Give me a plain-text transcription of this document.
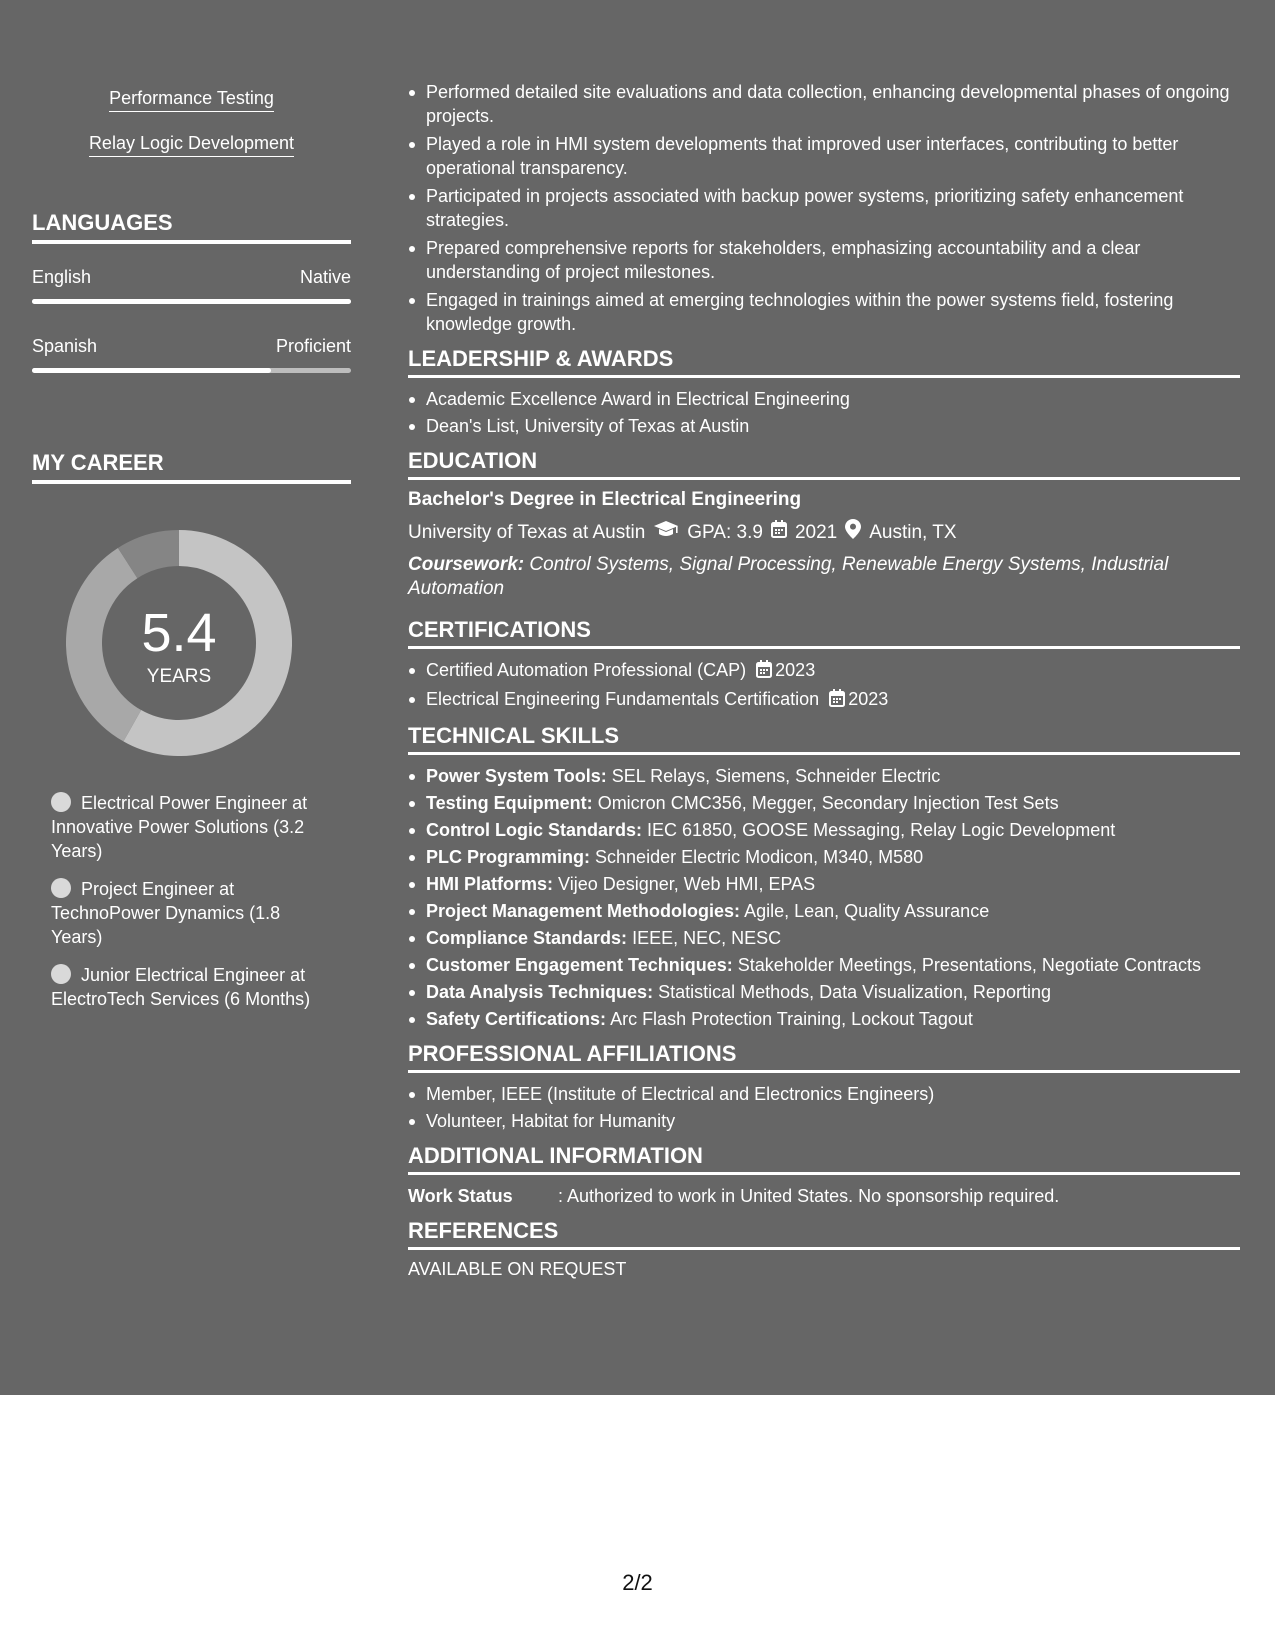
Performance Testing
Relay Logic Development
LANGUAGES
English	Native
Spanish	Proficient
MY CAREER
5.4
YEARS
Electrical Power Engineer at Innovative Power Solutions (3.2 Years)
Project Engineer at TechnoPower Dynamics (1.8 Years)
Junior Electrical Engineer at ElectroTech Services (6 Months)
Performed detailed site evaluations and data collection, enhancing developmental phases of ongoing projects.
Played a role in HMI system developments that improved user interfaces, contributing to better operational transparency.
Participated in projects associated with backup power systems, prioritizing safety enhancement strategies.
Prepared comprehensive reports for stakeholders, emphasizing accountability and a clear understanding of project milestones.
Engaged in trainings aimed at emerging technologies within the power systems field, fostering knowledge growth.
LEADERSHIP & AWARDS
Academic Excellence Award in Electrical Engineering
Dean's List, University of Texas at Austin
EDUCATION
Bachelor's Degree in Electrical Engineering
University of Texas at Austin GPA: 3.9 2021 Austin, TX
Coursework: Control Systems, Signal Processing, Renewable Energy Systems, Industrial Automation
CERTIFICATIONS
Certified Automation Professional (CAP) 2023
Electrical Engineering Fundamentals Certification 2023
TECHNICAL SKILLS
Power System Tools: SEL Relays, Siemens, Schneider Electric
Testing Equipment: Omicron CMC356, Megger, Secondary Injection Test Sets
Control Logic Standards: IEC 61850, GOOSE Messaging, Relay Logic Development
PLC Programming: Schneider Electric Modicon, M340, M580
HMI Platforms: Vijeo Designer, Web HMI, EPAS
Project Management Methodologies: Agile, Lean, Quality Assurance
Compliance Standards: IEEE, NEC, NESC
Customer Engagement Techniques: Stakeholder Meetings, Presentations, Negotiate Contracts
Data Analysis Techniques: Statistical Methods, Data Visualization, Reporting
Safety Certifications: Arc Flash Protection Training, Lockout Tagout
PROFESSIONAL AFFILIATIONS
Member, IEEE (Institute of Electrical and Electronics Engineers)
Volunteer, Habitat for Humanity
ADDITIONAL INFORMATION
Work Status	: Authorized to work in United States. No sponsorship required.
REFERENCES
AVAILABLE ON REQUEST
2/2
